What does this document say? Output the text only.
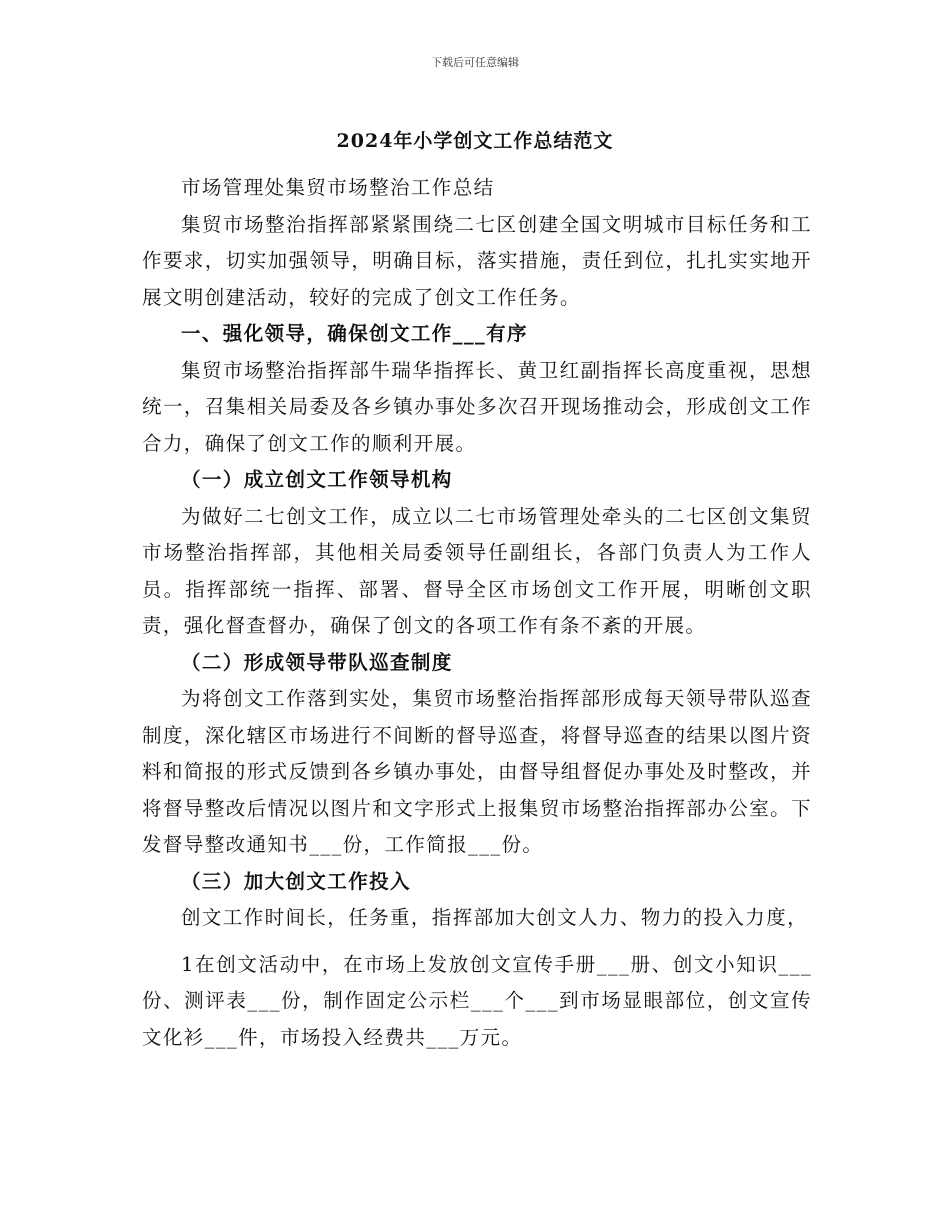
下载后可任意编辑
2024年小学创文工作总结范文

市场管理处集贸市场整治工作总结

集贸市场整治指挥部紧紧围绕二七区创建全国文明城市目标任务和工作要求，切实加强领导，明确目标，落实措施，责任到位，扎扎实实地开展文明创建活动，较好的完成了创文工作任务。

一、强化领导，确保创文工作___有序

集贸市场整治指挥部牛瑞华指挥长、黄卫红副指挥长高度重视，思想统一，召集相关局委及各乡镇办事处多次召开现场推动会，形成创文工作合力，确保了创文工作的顺利开展。

（一）成立创文工作领导机构

为做好二七创文工作，成立以二七市场管理处牵头的二七区创文集贸市场整治指挥部，其他相关局委领导任副组长，各部门负责人为工作人员。指挥部统一指挥、部署、督导全区市场创文工作开展，明晰创文职责，强化督查督办，确保了创文的各项工作有条不紊的开展。

（二）形成领导带队巡查制度

为将创文工作落到实处，集贸市场整治指挥部形成每天领导带队巡查制度，深化辖区市场进行不间断的督导巡查，将督导巡查的结果以图片资料和简报的形式反馈到各乡镇办事处，由督导组督促办事处及时整改，并将督导整改后情况以图片和文字形式上报集贸市场整治指挥部办公室。下发督导整改通知书___份，工作简报___份。

（三）加大创文工作投入

创文工作时间长，任务重，指挥部加大创文人力、物力的投入力度，

1在创文活动中，在市场上发放创文宣传手册___册、创文小知识___份、测评表___份，制作固定公示栏___个___到市场显眼部位，创文宣传文化衫___件，市场投入经费共___万元。
